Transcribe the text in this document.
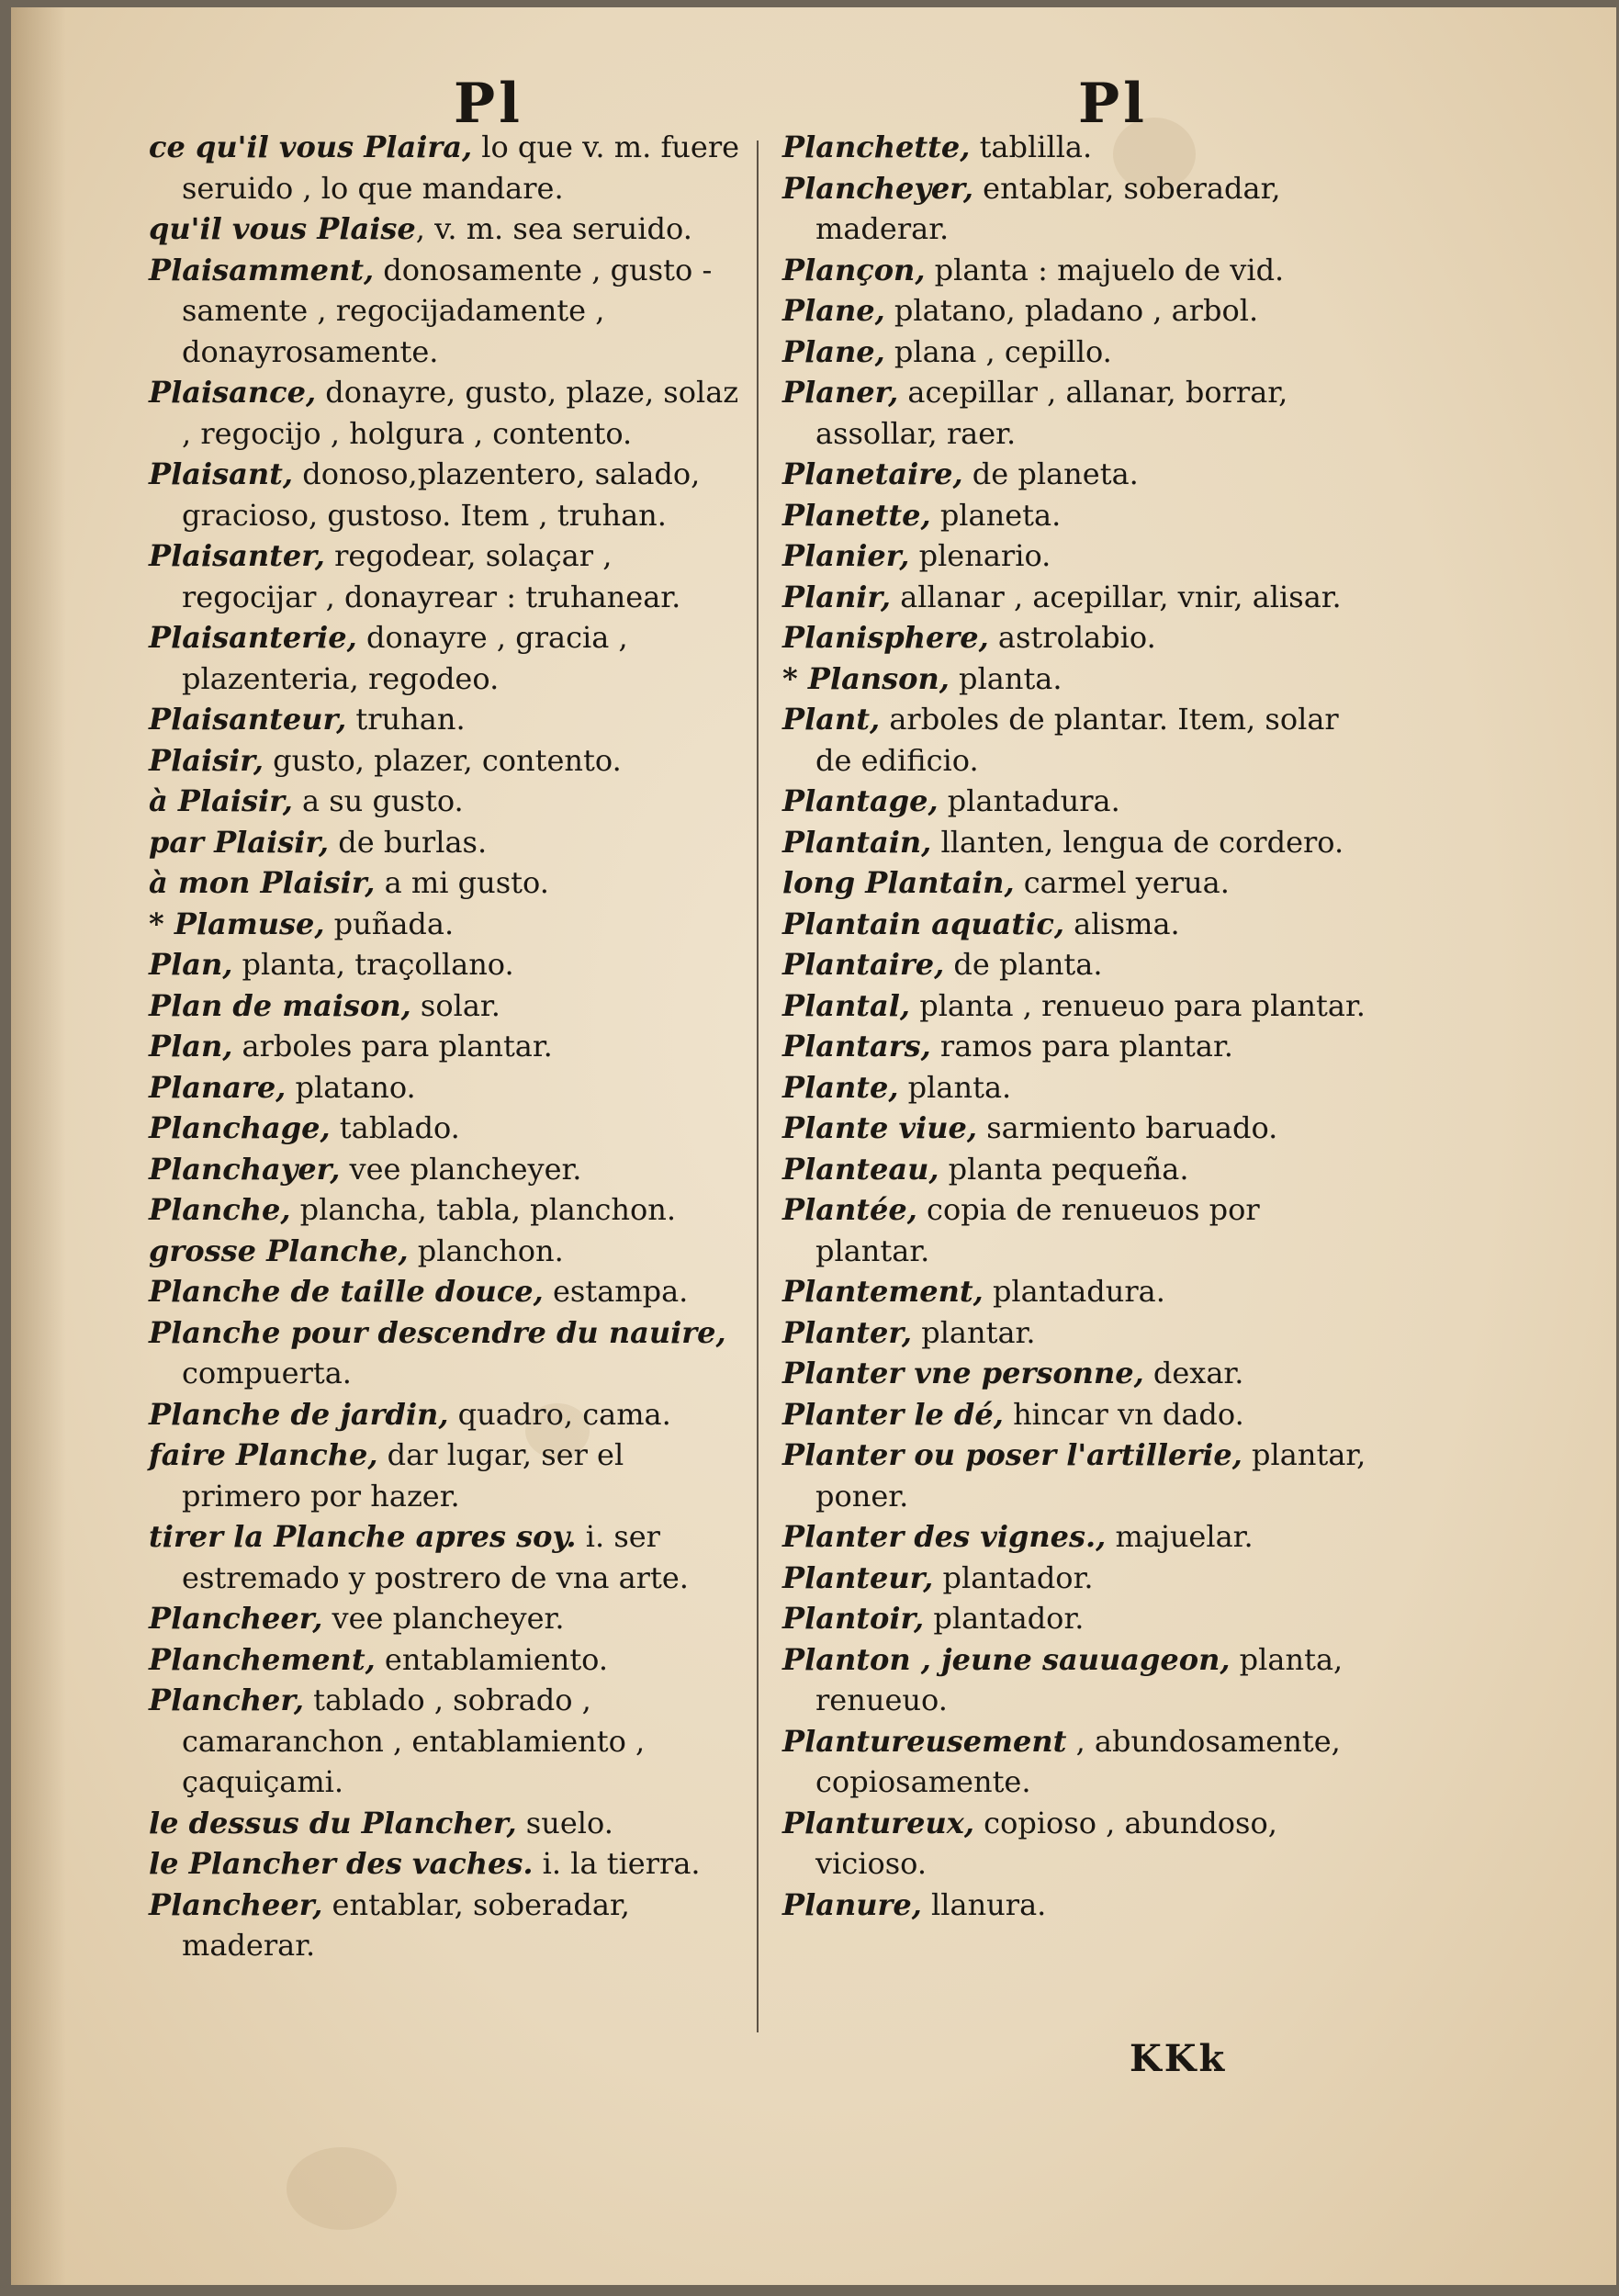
Pl	Pl

ce qu'il vous Plaira, lo que v. m. fuere seruido , lo que mandare.

qu'il vous Plaise, v. m. sea seruido.

Plaisamment, donosamente , gusto - samente , regocijadamente , donayrosamente.

Plaisance, donayre, gusto, plaze, solaz , regocijo , holgura , contento.

Plaisant, donoso,plazentero, salado, gracioso, gustoso. Item , truhan.

Plaisanter, regodear, solaçar , regocijar , donayrear : truhanear.

Plaisanterie, donayre , gracia , plazenteria, regodeo.

Plaisanteur, truhan.

Plaisir, gusto, plazer, contento.

à Plaisir, a su gusto.

par Plaisir, de burlas.

à mon Plaisir, a mi gusto.

* Plamuse, puñada.

Plan, planta, traçollano.

Plan de maison, solar.

Plan, arboles para plantar.

Planare, platano.

Planchage, tablado.

Planchayer, vee plancheyer.

Planche, plancha, tabla, planchon.

grosse Planche, planchon.

Planche de taille douce, estampa.

Planche pour descendre du nauire, compuerta.

Planche de jardin, quadro, cama.

faire Planche, dar lugar, ser el primero por hazer.

tirer la Planche apres soy. i. ser estremado y postrero de vna arte.

Plancheer, vee plancheyer.

Planchement, entablamiento.

Plancher, tablado , sobrado , camaranchon , entablamiento , çaquiçami.

le dessus du Plancher, suelo.

le Plancher des vaches. i. la tierra.

Plancheer, entablar, soberadar, maderar.

Planchette, tablilla.

Plancheyer, entablar, soberadar, maderar.

Plançon, planta : majuelo de vid.

Plane, platano, pladano , arbol.

Plane, plana , cepillo.

Planer, acepillar , allanar, borrar, assollar, raer.

Planetaire, de planeta.

Planette, planeta.

Planier, plenario.

Planir, allanar , acepillar, vnir, alisar.

Planisphere, astrolabio.

* Planson, planta.

Plant, arboles de plantar. Item, solar de edificio.

Plantage, plantadura.

Plantain, llanten, lengua de cordero.

long Plantain, carmel yerua.

Plantain aquatic, alisma.

Plantaire, de planta.

Plantal, planta , renueuo para plantar.

Plantars, ramos para plantar.

Plante, planta.

Plante viue, sarmiento baruado.

Planteau, planta pequeña.

Plantée, copia de renueuos por plantar.

Plantement, plantadura.

Planter, plantar.

Planter vne personne, dexar.

Planter le dé, hincar vn dado.

Planter ou poser l'artillerie, plantar, poner.

Planter des vignes., majuelar.

Planteur, plantador.

Plantoir, plantador.

Planton , jeune sauuageon, planta, renueuo.

Plantureusement , abundosamente, copiosamente.

Plantureux, copioso , abundoso, vicioso.

Planure, llanura.

KKk
